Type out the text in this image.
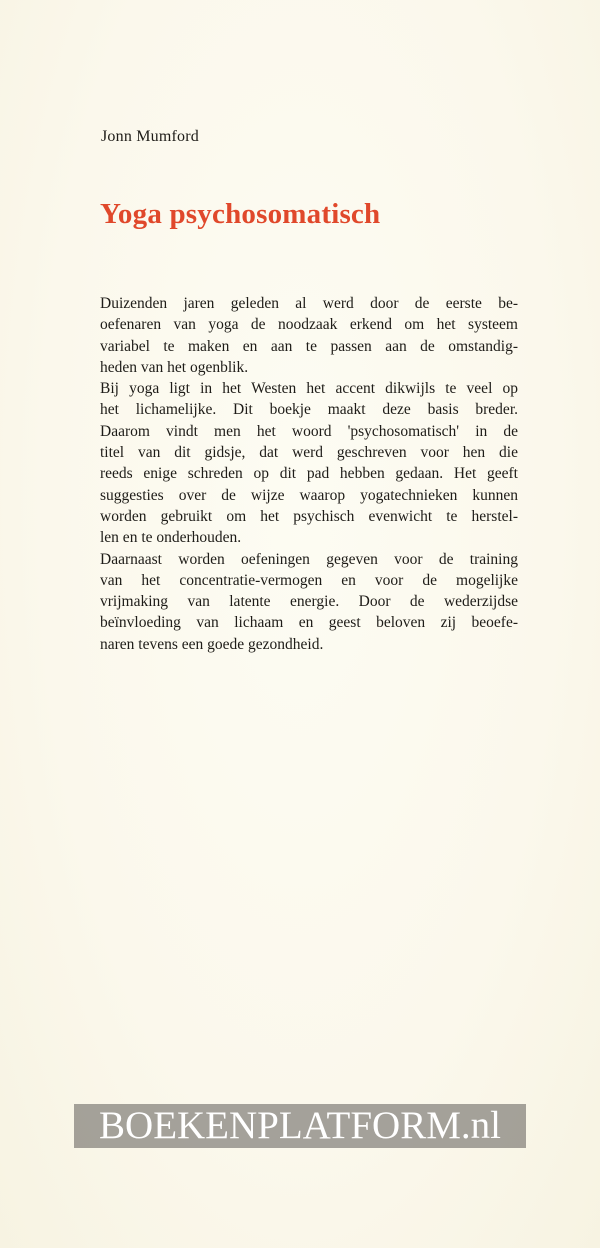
Jonn Mumford
Yoga psychosomatisch
Duizenden jaren geleden al werd door de eerste be-
oefenaren van yoga de noodzaak erkend om het systeem
variabel te maken en aan te passen aan de omstandig-
heden van het ogenblik.
Bij yoga ligt in het Westen het accent dikwijls te veel op
het lichamelijke. Dit boekje maakt deze basis breder.
Daarom vindt men het woord 'psychosomatisch' in de
titel van dit gidsje, dat werd geschreven voor hen die
reeds enige schreden op dit pad hebben gedaan. Het geeft
suggesties over de wijze waarop yogatechnieken kunnen
worden gebruikt om het psychisch evenwicht te herstel-
len en te onderhouden.
Daarnaast worden oefeningen gegeven voor de training
van het concentratie-vermogen en voor de mogelijke
vrijmaking van latente energie. Door de wederzijdse
beïnvloeding van lichaam en geest beloven zij beoefe-
naren tevens een goede gezondheid.
BOEKENPLATFORM.nl
